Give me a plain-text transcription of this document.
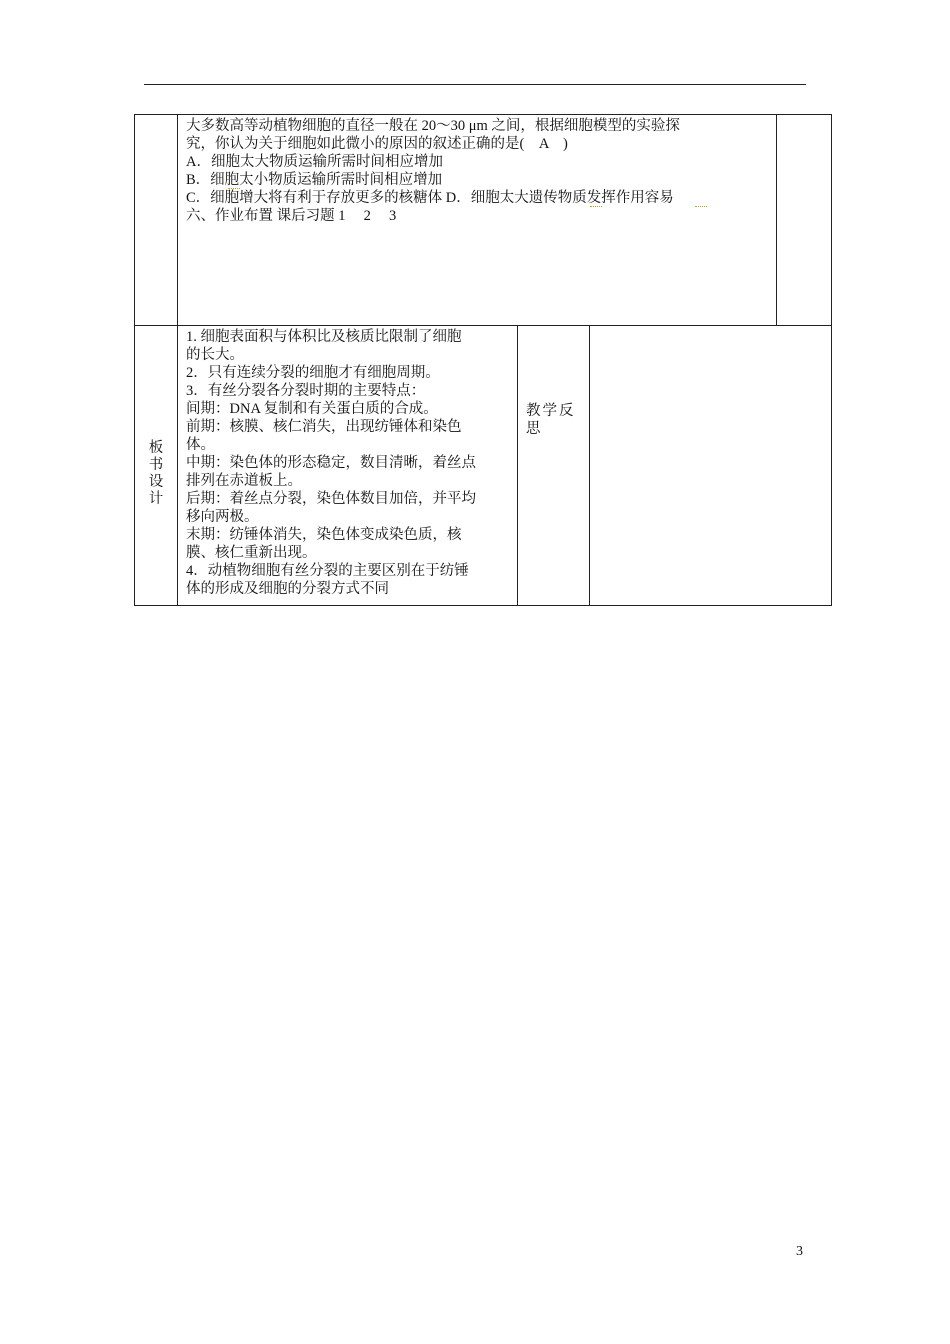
大多数高等动植物细胞的直径一般在 20～30 μm 之间，根据细胞模型的实验探
究，你认为关于细胞如此微小的原因的叙述正确的是(　A　)
A．细胞太大物质运输所需时间相应增加
B．细胞太小物质运输所需时间相应增加
C．细胞增大将有利于存放更多的核糖体 D．细胞太大遗传物质发挥作用容易
六、作业布置 课后习题 1　 2　 3
板
书
设
计
1. 细胞表面积与体积比及核质比限制了细胞
的长大。
2．只有连续分裂的细胞才有细胞周期。
3．有丝分裂各分裂时期的主要特点：
间期：DNA 复制和有关蛋白质的合成。
前期：核膜、核仁消失，出现纺锤体和染色
体。
中期：染色体的形态稳定，数目清晰，着丝点
排列在赤道板上。
后期：着丝点分裂，染色体数目加倍，并平均
移向两极。
末期：纺锤体消失，染色体变成染色质，核
膜、核仁重新出现。
4．动植物细胞有丝分裂的主要区别在于纺锤
体的形成及细胞的分裂方式不同
教学反
思
3
